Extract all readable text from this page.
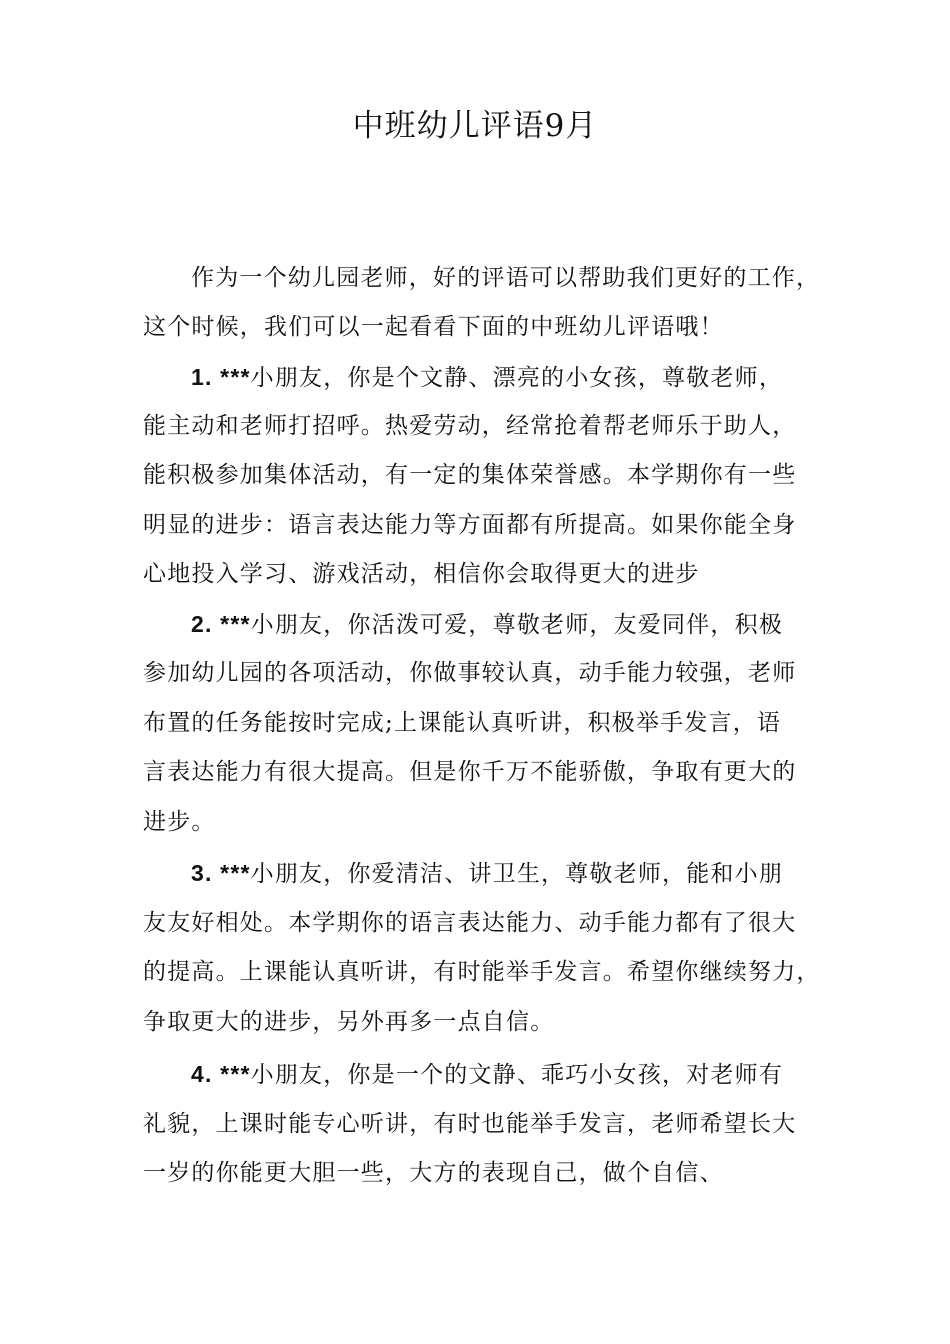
中班幼儿评语9月
作为一个幼儿园老师，好的评语可以帮助我们更好的工作，
这个时候，我们可以一起看看下面的中班幼儿评语哦！
1. ***小朋友，你是个文静、漂亮的小女孩，尊敬老师，
能主动和老师打招呼。热爱劳动，经常抢着帮老师乐于助人，
能积极参加集体活动，有一定的集体荣誉感。本学期你有一些
明显的进步：语言表达能力等方面都有所提高。如果你能全身
心地投入学习、游戏活动，相信你会取得更大的进步
2. ***小朋友，你活泼可爱，尊敬老师，友爱同伴，积极
参加幼儿园的各项活动，你做事较认真，动手能力较强，老师
布置的任务能按时完成;上课能认真听讲，积极举手发言，语
言表达能力有很大提高。但是你千万不能骄傲，争取有更大的
进步。
3. ***小朋友，你爱清洁、讲卫生，尊敬老师，能和小朋
友友好相处。本学期你的语言表达能力、动手能力都有了很大
的提高。上课能认真听讲，有时能举手发言。希望你继续努力，
争取更大的进步，另外再多一点自信。
4. ***小朋友，你是一个的文静、乖巧小女孩，对老师有
礼貌，上课时能专心听讲，有时也能举手发言，老师希望长大
一岁的你能更大胆一些，大方的表现自己，做个自信、
